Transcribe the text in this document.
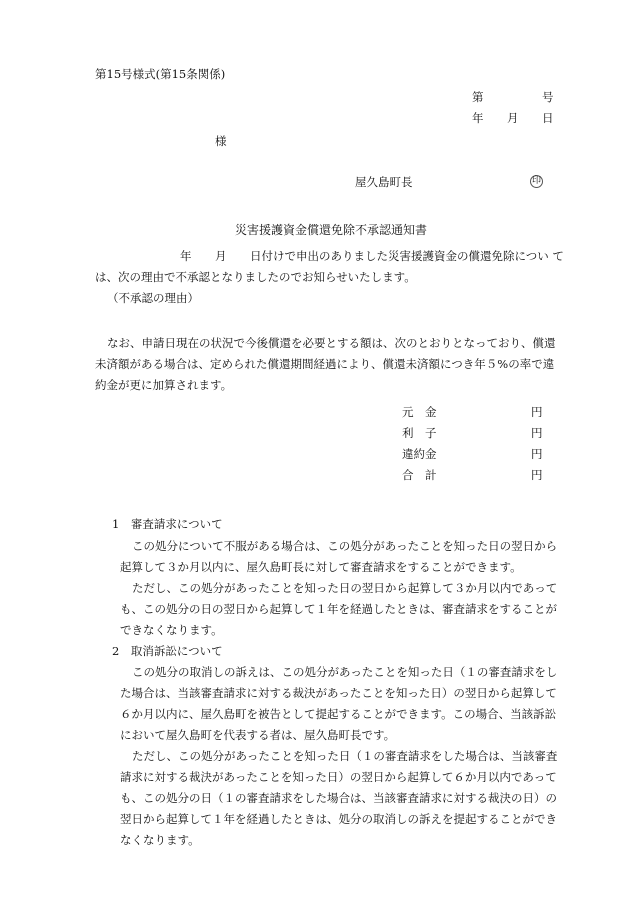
第15号様式(第15条関係)
第	号
年 月 日
様
屋久島町長	印
災害援護資金償還免除不承認通知書
年 月 日付けで申出のありました災害援護資金の償還免除につい て
は、次の理由で不承認となりましたのでお知らせいたします。
（不承認の理由）
なお、申請日現在の状況で今後償還を必要とする額は、次のとおりとなっており、償還
未済額がある場合は、定められた償還期間経過により、償還未済額につき年５%の率で違
約金が更に加算されます。
元　金	円
利　子	円
違約金	円
合　計	円
1　審査請求について
この処分について不服がある場合は、この処分があったことを知った日の翌日から
起算して３か月以内に、屋久島町長に対して審査請求をすることができます。
ただし、この処分があったことを知った日の翌日から起算して３か月以内であって
も、この処分の日の翌日から起算して１年を経過したときは、審査請求をすることが
できなくなります。
2　取消訴訟について
この処分の取消しの訴えは、この処分があったことを知った日（１の審査請求をし
た場合は、当該審査請求に対する裁決があったことを知った日）の翌日から起算して
６か月以内に、屋久島町を被告として提起することができます。この場合、当該訴訟
において屋久島町を代表する者は、屋久島町長です。
ただし、この処分があったことを知った日（１の審査請求をした場合は、当該審査
請求に対する裁決があったことを知った日）の翌日から起算して６か月以内であって
も、この処分の日（１の審査請求をした場合は、当該審査請求に対する裁決の日）の
翌日から起算して１年を経過したときは、処分の取消しの訴えを提起することができ
なくなります。
